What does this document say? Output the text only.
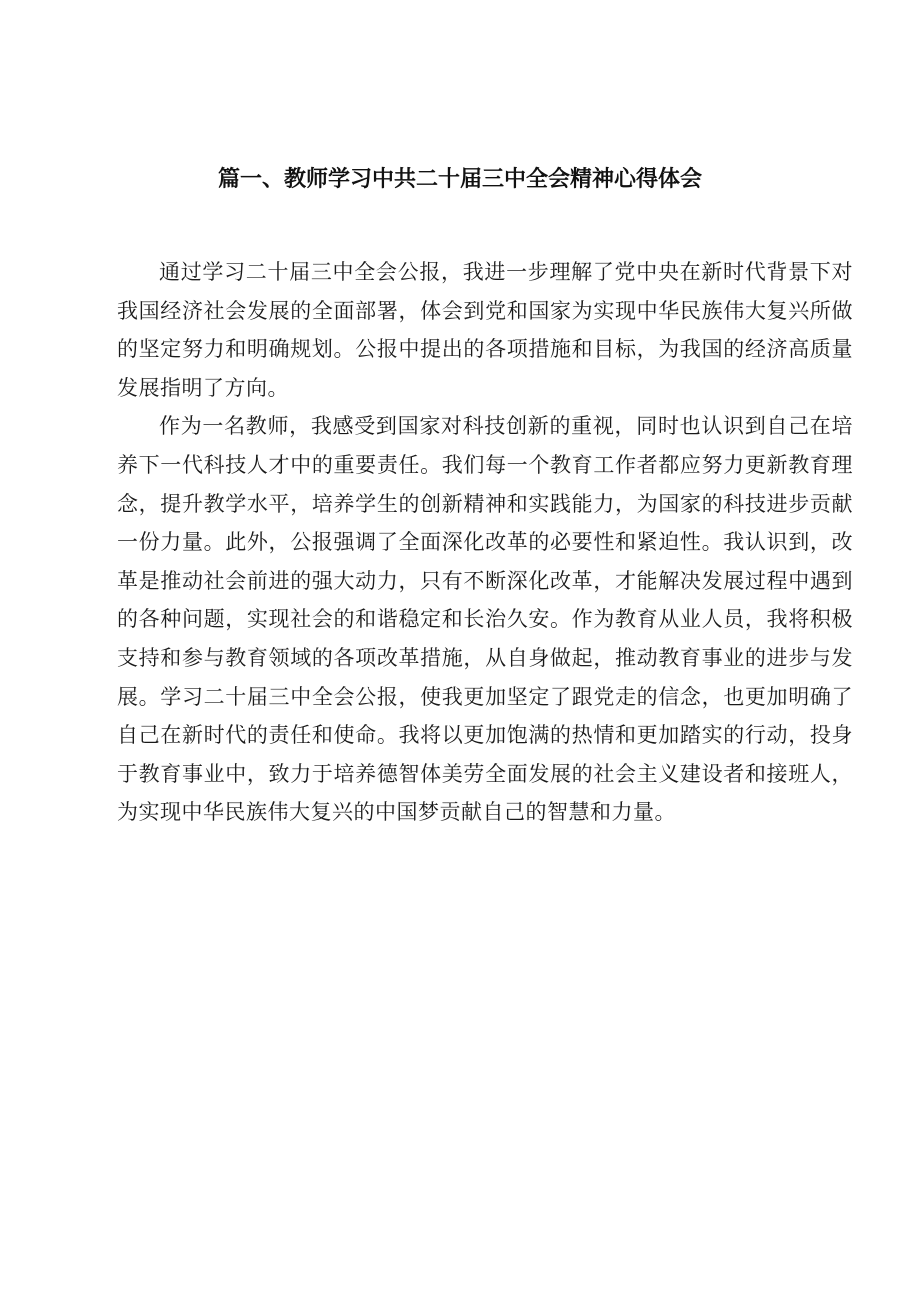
篇一、教师学习中共二十届三中全会精神心得体会

通过学习二十届三中全会公报，我进一步理解了党中央在新时代背景下对我国经济社会发展的全面部署，体会到党和国家为实现中华民族伟大复兴所做的坚定努力和明确规划。公报中提出的各项措施和目标，为我国的经济高质量发展指明了方向。

作为一名教师，我感受到国家对科技创新的重视，同时也认识到自己在培养下一代科技人才中的重要责任。我们每一个教育工作者都应努力更新教育理念，提升教学水平，培养学生的创新精神和实践能力，为国家的科技进步贡献一份力量。此外，公报强调了全面深化改革的必要性和紧迫性。我认识到，改革是推动社会前进的强大动力，只有不断深化改革，才能解决发展过程中遇到的各种问题，实现社会的和谐稳定和长治久安。作为教育从业人员，我将积极支持和参与教育领域的各项改革措施，从自身做起，推动教育事业的进步与发展。学习二十届三中全会公报，使我更加坚定了跟党走的信念，也更加明确了自己在新时代的责任和使命。我将以更加饱满的热情和更加踏实的行动，投身于教育事业中，致力于培养德智体美劳全面发展的社会主义建设者和接班人，为实现中华民族伟大复兴的中国梦贡献自己的智慧和力量。
